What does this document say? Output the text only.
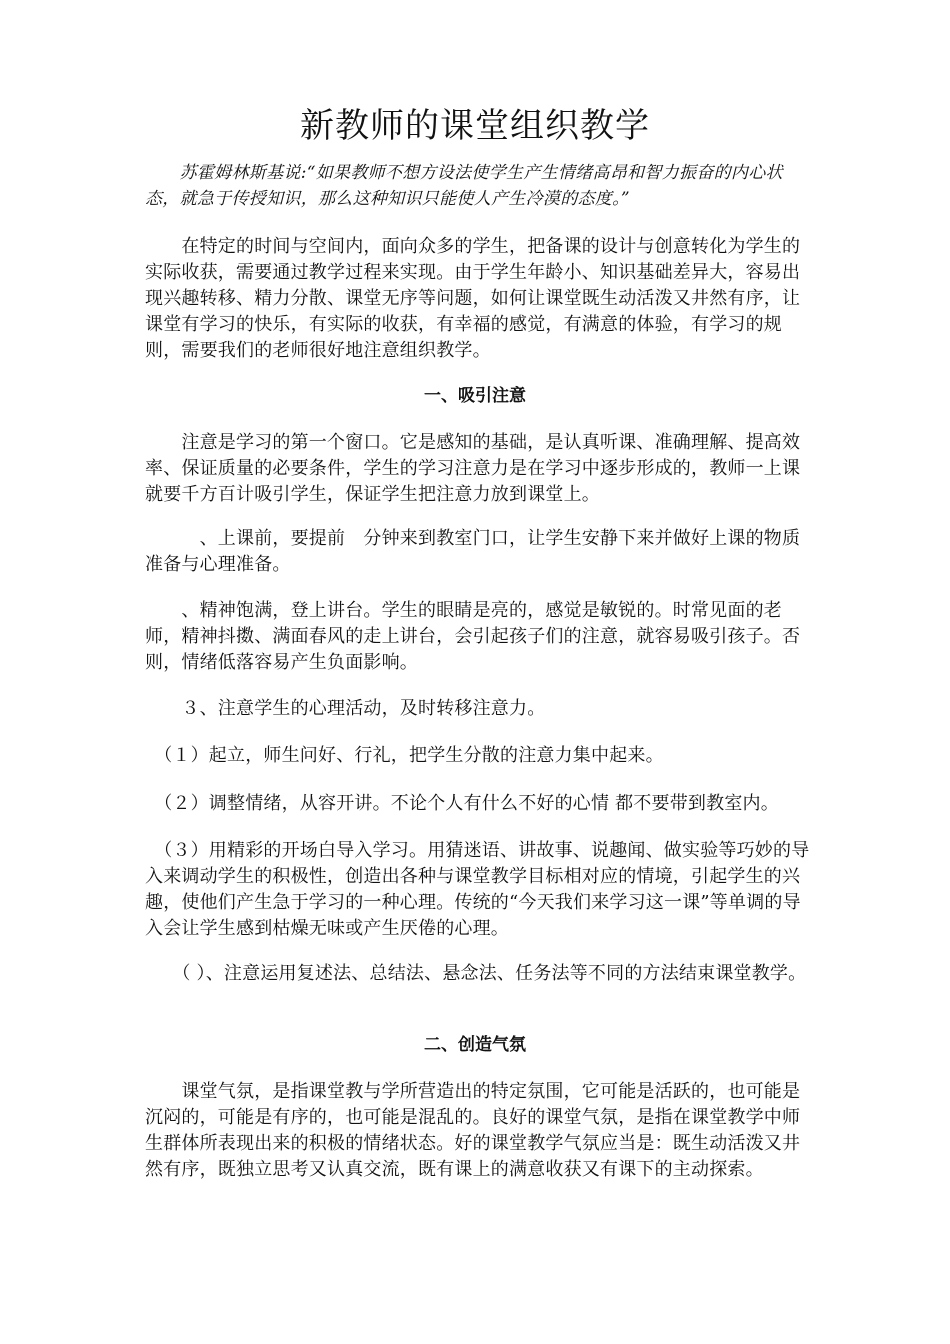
新教师的课堂组织教学
　　苏霍姆林斯基说:“如果教师不想方设法使学生产生情绪高昂和智力振奋的内心状态，就急于传授知识，那么这种知识只能使人产生冷漠的态度。”
　　在特定的时间与空间内，面向众多的学生，把备课的设计与创意转化为学生的实际收获，需要通过教学过程来实现。由于学生年龄小、知识基础差异大，容易出现兴趣转移、精力分散、课堂无序等问题，如何让课堂既生动活泼又井然有序，让课堂有学习的快乐，有实际的收获，有幸福的感觉，有满意的体验，有学习的规则，需要我们的老师很好地注意组织教学。
一、吸引注意
　　注意是学习的第一个窗口。它是感知的基础，是认真听课、准确理解、提高效率、保证质量的必要条件，学生的学习注意力是在学习中逐步形成的，教师一上课就要千方百计吸引学生，保证学生把注意力放到课堂上。
　　　、上课前，要提前　分钟来到教室门口，让学生安静下来并做好上课的物质准备与心理准备。
　　、精神饱满，登上讲台。学生的眼睛是亮的，感觉是敏锐的。时常见面的老师，精神抖擞、满面春风的走上讲台，会引起孩子们的注意，就容易吸引孩子。否则，情绪低落容易产生负面影响。
　　３、注意学生的心理活动，及时转移注意力。
　（１）起立，师生问好、行礼，把学生分散的注意力集中起来。
　（２）调整情绪，从容开讲。不论个人有什么不好的心情 都不要带到教室内。
　（３）用精彩的开场白导入学习。用猜迷语、讲故事、说趣闻、做实验等巧妙的导入来调动学生的积极性，创造出各种与课堂教学目标相对应的情境，引起学生的兴趣，使他们产生急于学习的一种心理。传统的“今天我们来学习这一课”等单调的导入会让学生感到枯燥无味或产生厌倦的心理。
　　（ ）、注意运用复述法、总结法、悬念法、任务法等不同的方法结束课堂教学。
二、创造气氛
　　课堂气氛，是指课堂教与学所营造出的特定氛围，它可能是活跃的，也可能是沉闷的，可能是有序的，也可能是混乱的。良好的课堂气氛，是指在课堂教学中师生群体所表现出来的积极的情绪状态。好的课堂教学气氛应当是：既生动活泼又井然有序，既独立思考又认真交流，既有课上的满意收获又有课下的主动探索。
